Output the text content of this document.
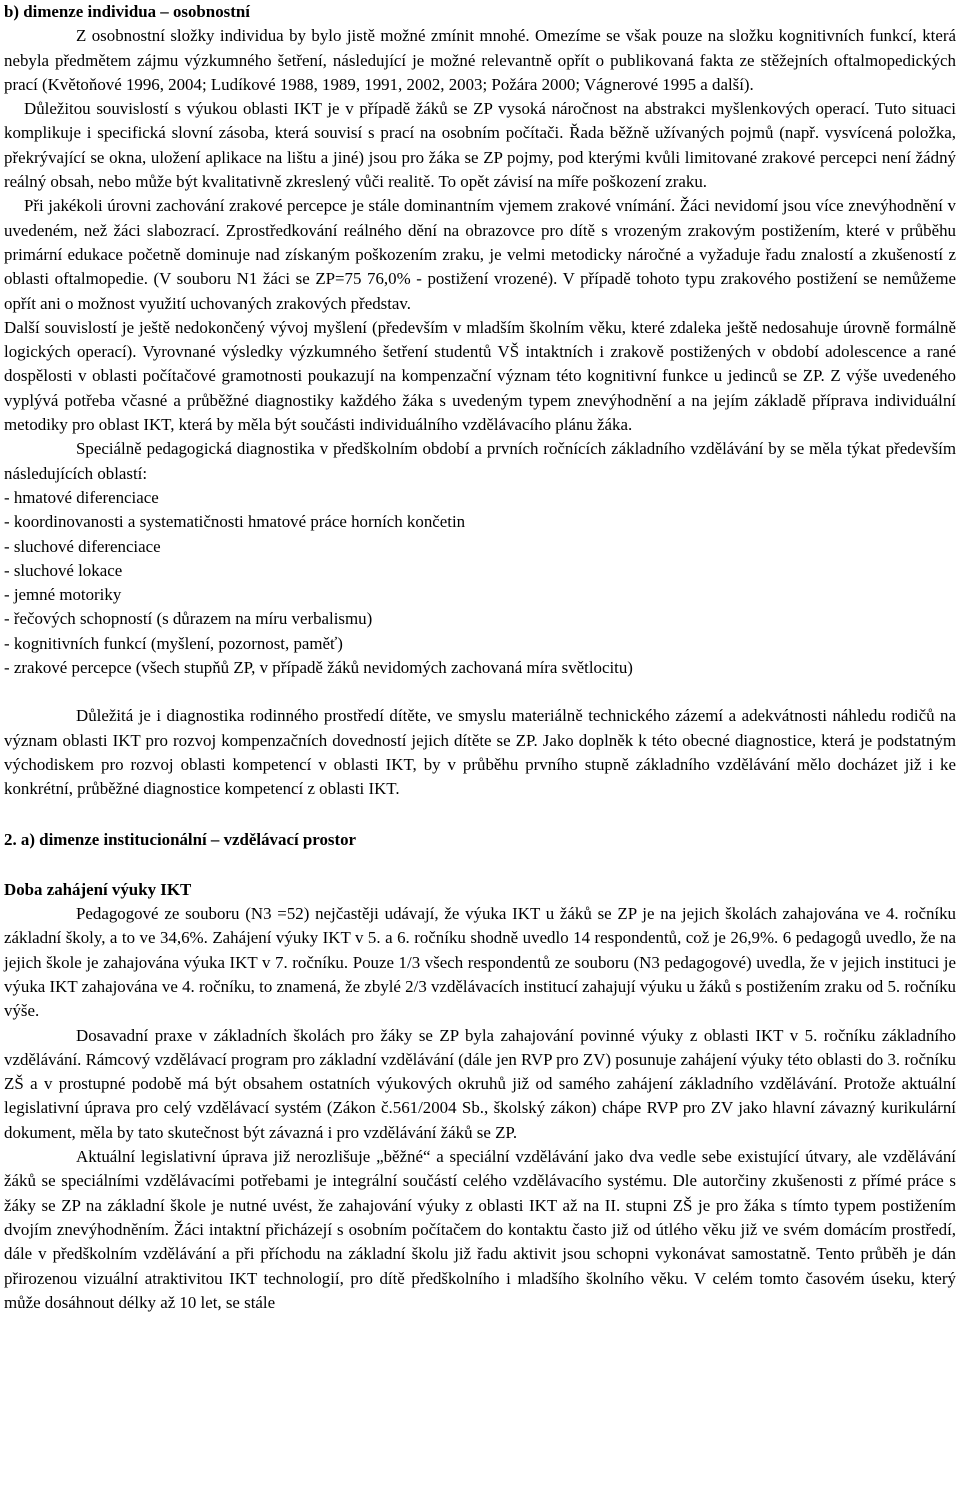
b) dimenze individua – osobnostní

Z osobnostní složky individua by bylo jistě možné zmínit mnohé. Omezíme se však pouze na složku kognitivních funkcí, která nebyla předmětem zájmu výzkumného šetření, následující je možné relevantně opřít o publikovaná fakta ze stěžejních oftalmopedických prací (Květoňové 1996, 2004; Ludíkové 1988, 1989, 1991, 2002, 2003; Požára 2000; Vágnerové 1995 a další).

Důležitou souvislostí s výukou oblasti IKT je v případě žáků se ZP vysoká náročnost na abstrakci myšlenkových operací. Tuto situaci komplikuje i specifická slovní zásoba, která souvisí s prací na osobním počítači. Řada běžně užívaných pojmů (např. vysvícená položka, překrývající se okna, uložení aplikace na lištu a jiné) jsou pro žáka se ZP pojmy, pod kterými kvůli limitované zrakové percepci není žádný reálný obsah, nebo může být kvalitativně zkreslený vůči realitě. To opět závisí na míře poškození zraku.

Při jakékoli úrovni zachování zrakové percepce je stále dominantním vjemem zrakové vnímání. Žáci nevidomí jsou více znevýhodnění v uvedeném, než žáci slabozrací. Zprostředkování reálného dění na obrazovce pro dítě s vrozeným zrakovým postižením, které v průběhu primární edukace početně dominuje nad získaným poškozením zraku, je velmi metodicky náročné a vyžaduje řadu znalostí a zkušeností z oblasti oftalmopedie. (V souboru N1 žáci se ZP=75 76,0% - postižení vrozené). V případě tohoto typu zrakového postižení se nemůžeme opřít ani o možnost využití uchovaných zrakových představ.

Další souvislostí je ještě nedokončený vývoj myšlení (především v mladším školním věku, které zdaleka ještě nedosahuje úrovně formálně logických operací). Vyrovnané výsledky výzkumného šetření studentů VŠ intaktních i zrakově postižených v období adolescence a rané dospělosti v oblasti počítačové gramotnosti poukazují na kompenzační význam této kognitivní funkce u jedinců se ZP. Z výše uvedeného vyplývá potřeba včasné a průběžné diagnostiky každého žáka s uvedeným typem znevýhodnění a na jejím základě příprava individuální metodiky pro oblast IKT, která by měla být součásti individuálního vzdělávacího plánu žáka.

Speciálně pedagogická diagnostika v předškolním období a prvních ročnících základního vzdělávání by se měla týkat především následujících oblastí:

- hmatové diferenciace
- koordinovanosti a systematičnosti hmatové práce horních končetin
- sluchové diferenciace
- sluchové lokace
- jemné motoriky
- řečových schopností (s důrazem na míru verbalismu)
- kognitivních funkcí (myšlení, pozornost, paměť)
- zrakové percepce (všech stupňů ZP, v případě žáků nevidomých zachovaná míra světlocitu)

Důležitá je i diagnostika rodinného prostředí dítěte, ve smyslu materiálně technického zázemí a adekvátnosti náhledu rodičů na význam oblasti IKT pro rozvoj kompenzačních dovedností jejich dítěte se ZP. Jako doplněk k této obecné diagnostice, která je podstatným východiskem pro rozvoj oblasti kompetencí v oblasti IKT, by v průběhu prvního stupně základního vzdělávání mělo docházet již i ke konkrétní, průběžné diagnostice kompetencí z oblasti IKT.

2. a) dimenze institucionální – vzdělávací prostor

Doba zahájení výuky IKT

Pedagogové ze souboru (N3 =52) nejčastěji udávají, že výuka IKT u žáků se ZP je na jejich školách zahajována ve 4. ročníku základní školy, a to ve 34,6%. Zahájení výuky IKT v 5. a 6. ročníku shodně uvedlo 14 respondentů, což je 26,9%. 6 pedagogů uvedlo, že na jejich škole je zahajována výuka IKT v 7. ročníku. Pouze 1/3 všech respondentů ze souboru (N3 pedagogové) uvedla, že v jejich instituci je výuka IKT zahajována ve 4. ročníku, to znamená, že zbylé 2/3 vzdělávacích institucí zahajují výuku u žáků s postižením zraku od 5. ročníku výše.

Dosavadní praxe v základních školách pro žáky se ZP byla zahajování povinné výuky z oblasti IKT v 5. ročníku základního vzdělávání. Rámcový vzdělávací program pro základní vzdělávání (dále jen RVP pro ZV) posunuje zahájení výuky této oblasti do 3. ročníku ZŠ a v prostupné podobě má být obsahem ostatních výukových okruhů již od samého zahájení základního vzdělávání. Protože aktuální legislativní úprava pro celý vzdělávací systém (Zákon č.561/2004 Sb., školský zákon) chápe RVP pro ZV jako hlavní závazný kurikulární dokument, měla by tato skutečnost být závazná i pro vzdělávání žáků se ZP.

Aktuální legislativní úprava již nerozlišuje „běžné“ a speciální vzdělávání jako dva vedle sebe existující útvary, ale vzdělávání žáků se speciálními vzdělávacími potřebami je integrální součástí celého vzdělávacího systému. Dle autorčiny zkušenosti z přímé práce s žáky se ZP na základní škole je nutné uvést, že zahajování výuky z oblasti IKT až na II. stupni ZŠ je pro žáka s tímto typem postižením dvojím znevýhodněním. Žáci intaktní přicházejí s osobním počítačem do kontaktu často již od útlého věku již ve svém domácím prostředí, dále v předškolním vzdělávání a při příchodu na základní školu již řadu aktivit jsou schopni vykonávat samostatně. Tento průběh je dán přirozenou vizuální atraktivitou IKT technologií, pro dítě předškolního i mladšího školního věku. V celém tomto časovém úseku, který může dosáhnout délky až 10 let, se stále
